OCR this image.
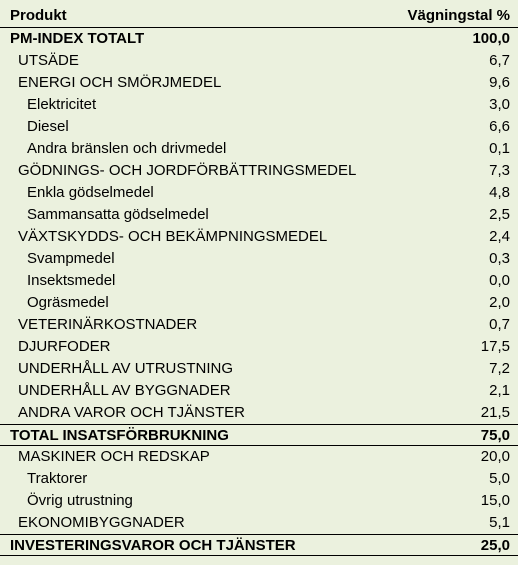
Produkt	Vägningstal %
PM-INDEX TOTALT	100,0
UTSÄDE	6,7
ENERGI OCH SMÖRJMEDEL	9,6
Elektricitet	3,0
Diesel	6,6
Andra bränslen och drivmedel	0,1
GÖDNINGS- OCH JORDFÖRBÄTTRINGSMEDEL	7,3
Enkla gödselmedel	4,8
Sammansatta gödselmedel	2,5
VÄXTSKYDDS- OCH BEKÄMPNINGSMEDEL	2,4
Svampmedel	0,3
Insektsmedel	0,0
Ogräsmedel	2,0
VETERINÄRKOSTNADER	0,7
DJURFODER	17,5
UNDERHÅLL AV UTRUSTNING	7,2
UNDERHÅLL AV BYGGNADER	2,1
ANDRA VAROR OCH TJÄNSTER	21,5
TOTAL INSATSFÖRBRUKNING	75,0
MASKINER OCH REDSKAP	20,0
Traktorer	5,0
Övrig utrustning	15,0
EKONOMIBYGGNADER	5,1
INVESTERINGSVAROR OCH TJÄNSTER	25,0
